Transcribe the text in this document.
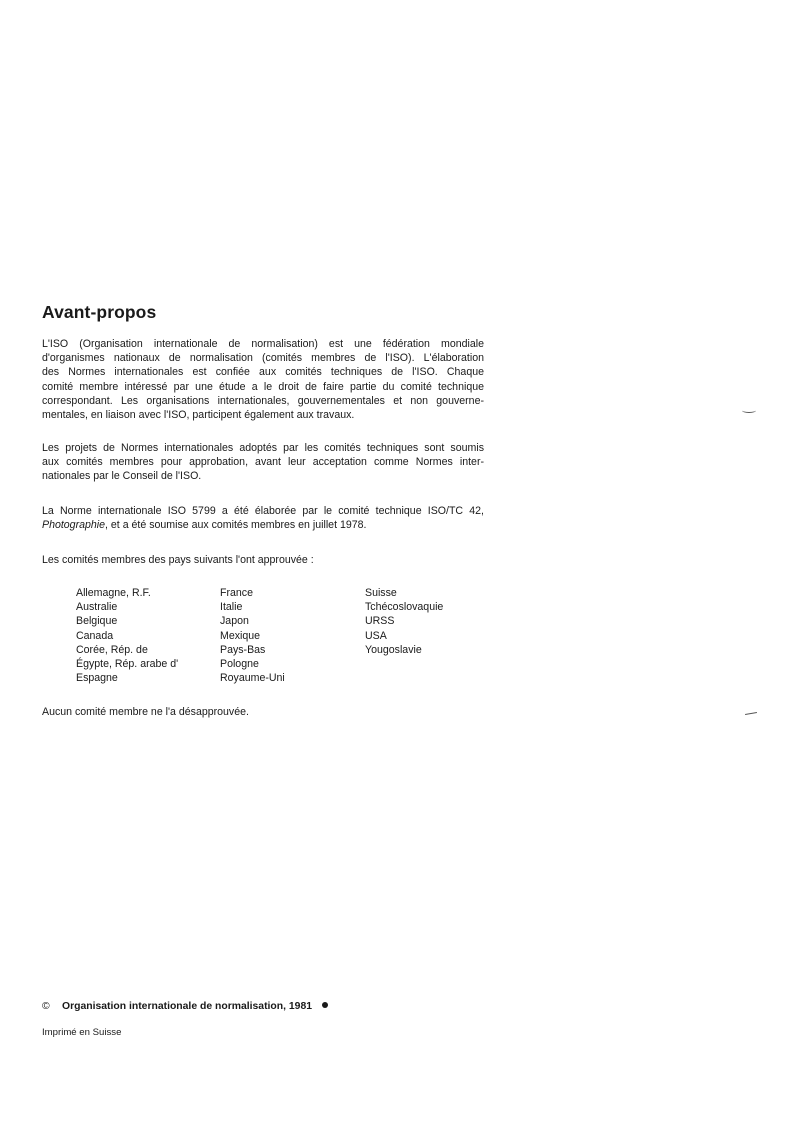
Avant-propos
L'ISO (Organisation internationale de normalisation) est une fédération mondiale
d'organismes nationaux de normalisation (comités membres de l'ISO). L'élaboration
des Normes internationales est confiée aux comités techniques de l'ISO. Chaque
comité membre intéressé par une étude a le droit de faire partie du comité technique
correspondant. Les organisations internationales, gouvernementales et non gouverne-
mentales, en liaison avec l'ISO, participent également aux travaux.
Les projets de Normes internationales adoptés par les comités techniques sont soumis
aux comités membres pour approbation, avant leur acceptation comme Normes inter-
nationales par le Conseil de l'ISO.
La Norme internationale ISO 5799 a été élaborée par le comité technique ISO/TC 42,
Photographie, et a été soumise aux comités membres en juillet 1978.

Les comités membres des pays suivants l'ont approuvée :

Allemagne, R.F.
Australie
Belgique
Canada
Corée, Rép. de
Égypte, Rép. arabe d'
Espagne
France
Italie
Japon
Mexique
Pays-Bas
Pologne
Royaume-Uni
Suisse
Tchécoslovaquie
URSS
USA
Yougoslavie

Aucun comité membre ne l'a désapprouvée.

© Organisation internationale de normalisation, 1981
Imprimé en Suisse
